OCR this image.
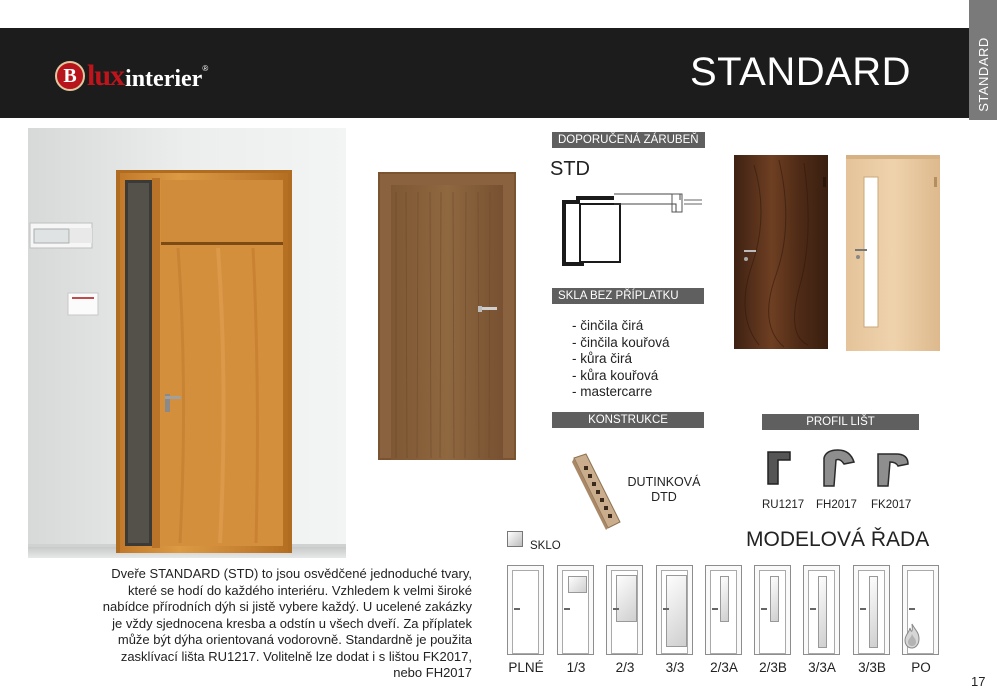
B lux interier ®	STANDARD	STANDARD
17
DOPORUČENÁ ZÁRUBEŇ
STD
SKLA BEZ PŘÍPLATKU
- činčila čirá
- činčila kouřová
- kůra čirá
- kůra kouřová
- mastercarre
KONSTRUKCE
DUTINKOVÁ
DTD
PROFIL LIŠT
RU1217 FH2017 FK2017
SKLO	MODELOVÁ ŘADA
PLNÉ	1/3	2/3	3/3	2/3A	2/3B	3/3A	3/3B	PO
Dveře STANDARD (STD) to jsou osvědčené jednoduché tvary,
které se hodí do každého interiéru. Vzhledem k velmi široké
nabídce přírodních dýh si jistě vybere každý. U ucelené zakázky
je vždy sjednocena kresba a odstín u všech dveří. Za příplatek
může být dýha orientovaná vodorovně. Standardně je použita
zasklívací lišta RU1217. Volitelně lze dodat i s lištou FK2017,
nebo FH2017
